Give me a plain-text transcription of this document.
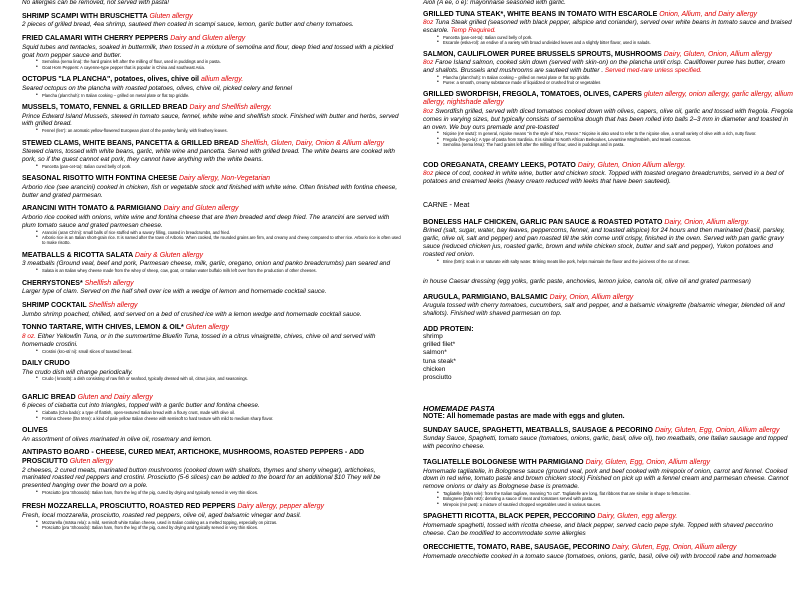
No allergies can be removed, not served with pasta!
SHRIMP SCAMPI WITH BRUSCHETTA Gluten allergy
2 pieces of grilled bread, 4ea shrimp, sauteed then coated in scampi sauce, lemon, garlic butter and cherry tomatoes.
FRIED CALAMARI WITH CHERRY PEPPERS Dairy and Gluten allergy
Squid tubes and tentacles, soaked in buttermilk, then tossed in a mixture of semolina and flour, deep fried and tossed with a pickled goat horn pepper sauce and butter.
• Semolina (sema lina): the hard grains left after the milling of flour, used in puddings and in pasta.
• Goat Horn Peppers: A cayenne-type pepper that is popular in China and southeast Asia.
OCTOPUS "LA PLANCHA", potatoes, olives, chive oil allium allergy.
Seared octopus on the plancha with roasted potatoes, olives, chive oil, picked celery and fennel
• Plancha (plan'chuh): In Italian cooking – grilled on metal plate or flat top griddle.
MUSSELS, TOMATO, FENNEL & GRILLED BREAD Dairy and Shellfish allergy.
Prince Edward Island Mussels, stewed in tomato sauce, fennel, white wine and shellfish stock. Finished with butter and herbs, served with grilled bread.
• Fennel (fen'): an aromatic yellow-flowered European plant of the parsley family, with feathery leaves.
STEWED CLAMS, WHITE BEANS, PANCETTA & GRILLED BREAD Shellfish, Gluten, Dairy, Onion & Allium allergy
Stewed clams, tossed with white beans, garlic, white wine and pancetta. Served with grilled bread. The white beans are cooked with pork, so if the guest cannot eat pork, they cannot have anything with the white beans.
• Pancetta (pan-cet-ta): Italian cured belly of pork.
SEASONAL RISOTTO WITH FONTINA CHEESE Dairy allergy, Non-Vegetarian
Arborio rice (see arancini) cooked in chicken, fish or vegetable stock and finished with white wine. Often finished with fontina cheese, butter and grated parmesan.
ARANCINI WITH TOMATO & PARMIGIANO Dairy and Gluten allergy
Arborio rice cooked with onions, white wine and fontina cheese that are then breaded and deep fried. The arancini are served with plum tomato sauce and grated parmesan cheese.
• Arancini (aran Chi'ni): small balls of rice stuffed with a savory filling, coated in breadcrumbs, and fried.
• Arborio rice is an Italian short-grain rice. It is named after the town of Arborio. When cooked, the rounded grains are firm, and creamy and chewy compared to other rice. Arborio rice is often used to make risotto.
MEATBALLS & RICOTTA SALATA Dairy & Gluten allergy
3 meatballs (Ground veal, beef and pork, Parmesan cheese, milk, garlic, oregano, onion and panko breadcrumbs) pan seared and
• Salata is an Italian whey cheese made from the whey of sheep, cow, goat, or Italian water buffalo milk left over from the production of other cheeses.
CHERRYSTONES* Shellfish allergy
Larger type of clam. Served on the half shell over ice with a wedge of lemon and homemade cocktail sauce.
SHRIMP COCKTAIL Shellfish allergy
Jumbo shrimp poached, chilled, and served on a bed of crushed ice with a lemon wedge and homemade cocktail sauce.
TONNO TARTARE, WITH CHIVES, LEMON & OIL* Gluten allergy
8 oz. Either Yellowfin Tuna, or in the summertime Bluefin Tuna, tossed in a citrus vinaigrette, chives, chive oil and served with homemade crostini.
• Crostini (kro-stiˈni): small slices of toasted bread.
DAILY CRUDO
The crudo dish will change periodically.
• Crudo ( kroodō): a dish consisting of raw fish or seafood, typically dressed with oil, citrus juice, and seasonings.
GARLIC BREAD Gluten and Dairy allergy
6 pieces of ciabatta cut into triangles, topped with a garlic butter and fontina cheese.
• Ciabatta (Cha bado): a type of flattish, open-textured Italian bread with a floury crust, made with olive oil.
• Fontina Cheese (fän tēnə): a kind of pale yellow Italian cheese with semisoft to hard texture with mild to medium sharp flavor.
OLIVES
An assortment of olives marinated in olive oil, rosemary and lemon.
ANTIPASTO BOARD - CHEESE, CURED MEAT, ARTICHOKE, MUSHROOMS, ROASTED PEPPERS - ADD PROSCIUTTO Gluten allergy
2 cheeses, 2 cured meats, marinated button mushrooms (cooked down with shallots, thymes and sherry vinegar), artichokes, marinated roasted red peppers and crostini. Prosciutto (5-6 slices) can be added to the board for an additional $10 They will be presented hanging over the board on a pole.
• Prosciutto (pra 'Shooodo): Italian ham, from the leg of the pig, cured by drying and typically served in very thin slices.
FRESH MOZZARELLA, PROSCIUTTO, ROASTED RED PEPPERS Dairy allergy, pepper allergy
Fresh, local mozzarella, prosciutto, roasted red peppers, olive oil, aged balsamic vinegar and basil.
• Mozzarella (mätsa rela): a mild, semisoft white Italian cheese, used in Italian cooking as a melted topping, especially on pizzas.
• Prosciutto (pra 'Shooodo): Italian ham, from the leg of the pig, cured by drying and typically served in very thin slices.
Aioli (A ēē, ō ē): mayonnaise seasoned with garlic.
GRILLED TUNA STEAK*, WHITE BEANS IN TOMATO WITH ESCAROLE Onion, Allium, and Dairy allergy
8oz Tuna Steak grilled (seasoned with black pepper, allspice and coriander), served over white beans in tomato sauce and braised escarole. Temp Required.
• Pancetta (pan-cet-ta): Italian cured belly of pork.
• Escarole (eska-rol): an endive of a variety with broad undivided leaves and a slightly bitter flavor, used in salads.
SALMON, CAULIFLOWER PUREE BRUSSELS SPROUTS, MUSHROOMS Dairy, Gluten, Onion, Allium allergy
8oz Faroe Island salmon, cooked skin down (served with skin-on) on the plancha until crisp. Cauliflower puree has butter, cream and shallots. Brussels and mushrooms are sauteed with butter . Served med-rare unless specified.
• Plancha (plan'chuh): In Italian cooking – grilled on metal plate or flat top griddle.
• Puree: a smooth, creamy substance made of liquidized or crushed fruit or vegetables
GRILLED SWORDFISH, FREGOLA, TOMATOES, OLIVES, CAPERS gluten allergy, onion allergy, garlic allergy, allium allergy, nightshade allergy
8oz Swordfish grilled, served with diced tomatoes cooked down with olives, capers, olive oil, garlic and tossed with fregola. Fregola comes in varying sizes, but typically consists of semolina dough that has been rolled into balls 2–3 mm in diameter and toasted in an oven. We buy ours premade and pre-toasted
• Niçoise (nē swäz): In general, niçoise means "in the style of Nice, France." Niçoise is also used to refer to the niçoise olive, a small variety of olive with a rich, nutty flavor.
• Fregola (fre-go-la): A type of pasta from Sardinia. It is similar to North African Berkoukes, Levantine Moghrabieh, and Israeli couscous.
• Semolina (sema lēna): The hard grains left after the milling of flour, used in puddings and in pasta.
COD OREGANATA, CREAMY LEEKS, POTATO Dairy, Gluten, Onion Allium allergy.
8oz piece of cod, cooked in white wine, butter and chicken stock. Topped with toasted oregano breadcrumbs, served in a bed of potatoes and creamed leeks (heavy cream reduced with leeks that have been sauteed).
CARNE - Meat
BONELESS HALF CHICKEN, GARLIC PAN SAUCE & ROASTED POTATO Dairy, Onion, Allium allergy.
Brined (salt, sugar, water, bay leaves, peppercorns, fennel, and toasted allspice) for 24 hours and then marinated (basil, parsley, garlic, olive oil, salt and pepper) and pan roasted till the skin come until crispy, finished in the oven. Served with pan garlic gravy sauce (reduced chicken jus, roasted garlic, brown and white chicken stock, butter and salt and pepper), Yukon potatoes and roasted red onion.
• Brine (brīn): soak in or saturate with salty water. Brining meats like pork, helps maintain the flavor and the juiciness of the cut of meat.
in house Caesar dressing (egg yolks, garlic paste, anchovies, lemon juice, canola oil, olive oil and grated parmesan)
ARUGULA, PARMIGIANO, BALSAMIC Dairy, Onion, Allium allergy
Arugula tossed with cherry tomatoes, cucumbers, salt and pepper, and a balsamic vinaigrette (balsamic vinegar, blended oil and shallots). Finished with shaved parmesan on top.
ADD PROTEIN:
shrimp
grilled filet*
salmon*
tuna steak*
chicken
prosciutto
HOMEMADE PASTA
NOTE: All homemade pastas are made with eggs and gluten.
SUNDAY SAUCE, SPAGHETTI, MEATBALLS, SAUSAGE & PECORINO Dairy, Gluten, Egg, Onion, Allium allergy
Sunday Sauce, Spaghetti, tomato sauce (tomatoes, onions, garlic, basil, olive oil), two meatballs, one Italian sausage and topped with pecorino cheese.
TAGLIATELLE BOLOGNESE WITH PARMIGIANO Dairy, Gluten, Egg, Onion, Allium allergy
Homemade tagliatelle, in Bolognese sauce (ground veal, pork and beef cooked with mirepoix of onion, carrot and fennel. Cooked down in red wine, tomato paste and brown chicken stock) Finished on pick up with a fennel cream and parmesan cheese. Cannot remove onions or dairy as Bolognese base is premade.
• Tagliatelle (tälyə tele): from the Italian tagliare, meaning "to cut". Tagliatelle are long, flat ribbons that are similar in shape to fettuccine.
• Bolognese (bälə nēz): denoting a sauce of meat and tomatoes served with pasta.
• Mirepoix (mir pwä): a mixture of sautéed chopped vegetables used in various sauces.
SPAGHETTI RICOTTA, BLACK PEPER, PECCORINO Dairy, Gluten, egg allergy.
Homemade spaghetti, tossed with ricotta cheese, and black pepper, served cacio pepe style. Topped with shaved peccorino cheese. Can be modified to accommodate some allergies
ORECCHIETTE, TOMATO, RABE, SAUSAGE, PECORINO Dairy, Gluten, Egg, Onion, Allium allergy
Homemade orecchiette cooked in a tomato sauce (tomatoes, onions, garlic, basil, olive oil) with broccoli rabe and homemade
